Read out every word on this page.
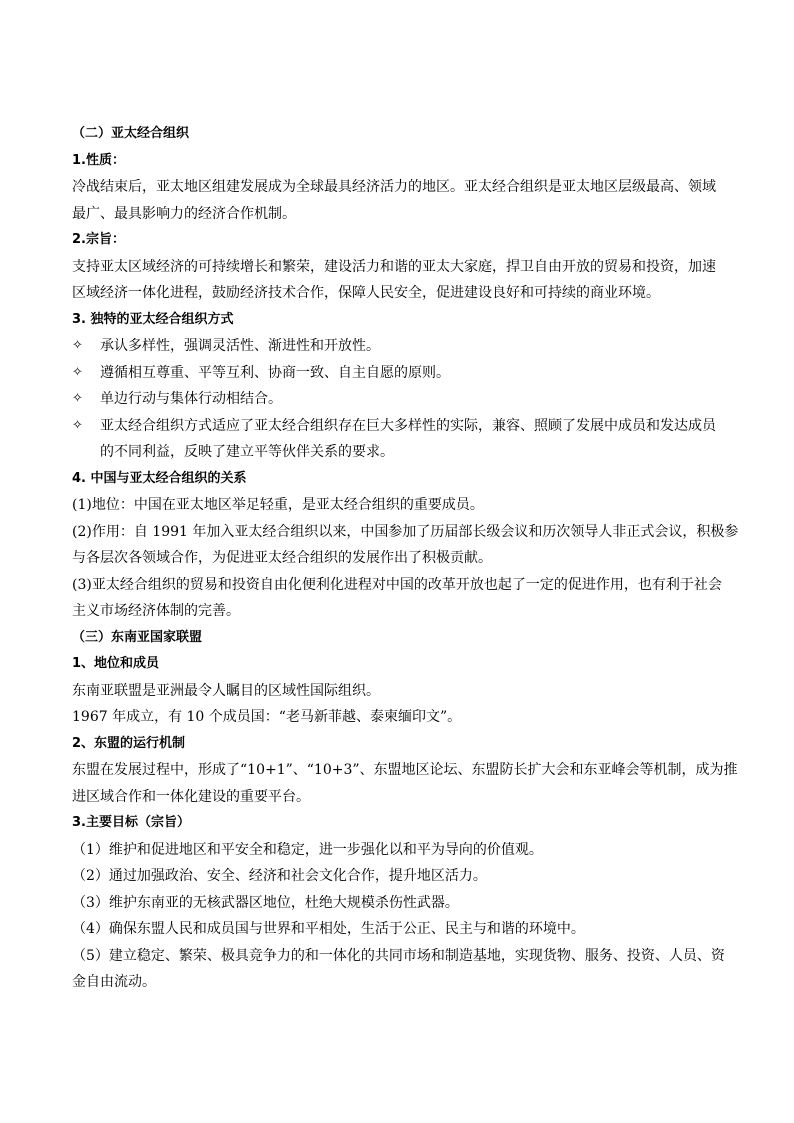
（二）亚太经合组织
1.性质：
冷战结束后，亚太地区组建发展成为全球最具经济活力的地区。亚太经合组织是亚太地区层级最高、领域
最广、最具影响力的经济合作机制。
2.宗旨：
支持亚太区域经济的可持续增长和繁荣，建设活力和谐的亚太大家庭，捍卫自由开放的贸易和投资，加速
区域经济一体化进程，鼓励经济技术合作，保障人民安全，促进建设良好和可持续的商业环境。
3. 独特的亚太经合组织方式
✧	承认多样性，强调灵活性、渐进性和开放性。
✧	遵循相互尊重、平等互利、协商一致、自主自愿的原则。
✧	单边行动与集体行动相结合。
✧	亚太经合组织方式适应了亚太经合组织存在巨大多样性的实际，兼容、照顾了发展中成员和发达成员
的不同利益，反映了建立平等伙伴关系的要求。
4. 中国与亚太经合组织的关系
(1)地位：中国在亚太地区举足轻重，是亚太经合组织的重要成员。
(2)作用：自 1991 年加入亚太经合组织以来，中国参加了历届部长级会议和历次领导人非正式会议，积极参
与各层次各领域合作，为促进亚太经合组织的发展作出了积极贡献。
(3)亚太经合组织的贸易和投资自由化便利化进程对中国的改革开放也起了一定的促进作用，也有利于社会
主义市场经济体制的完善。
（三）东南亚国家联盟
1、地位和成员
东南亚联盟是亚洲最令人瞩目的区域性国际组织。
1967 年成立，有 10 个成员国：“老马新菲越、泰柬缅印文”。
2、东盟的运行机制
东盟在发展过程中，形成了“10+1”、“10+3”、东盟地区论坛、东盟防长扩大会和东亚峰会等机制，成为推
进区域合作和一体化建设的重要平台。
3.主要目标（宗旨）
（1）维护和促进地区和平安全和稳定，进一步强化以和平为导向的价值观。
（2）通过加强政治、安全、经济和社会文化合作，提升地区活力。
（3）维护东南亚的无核武器区地位，杜绝大规模杀伤性武器。
（4）确保东盟人民和成员国与世界和平相处，生活于公正、民主与和谐的环境中。
（5）建立稳定、繁荣、极具竞争力的和一体化的共同市场和制造基地，实现货物、服务、投资、人员、资
金自由流动。
